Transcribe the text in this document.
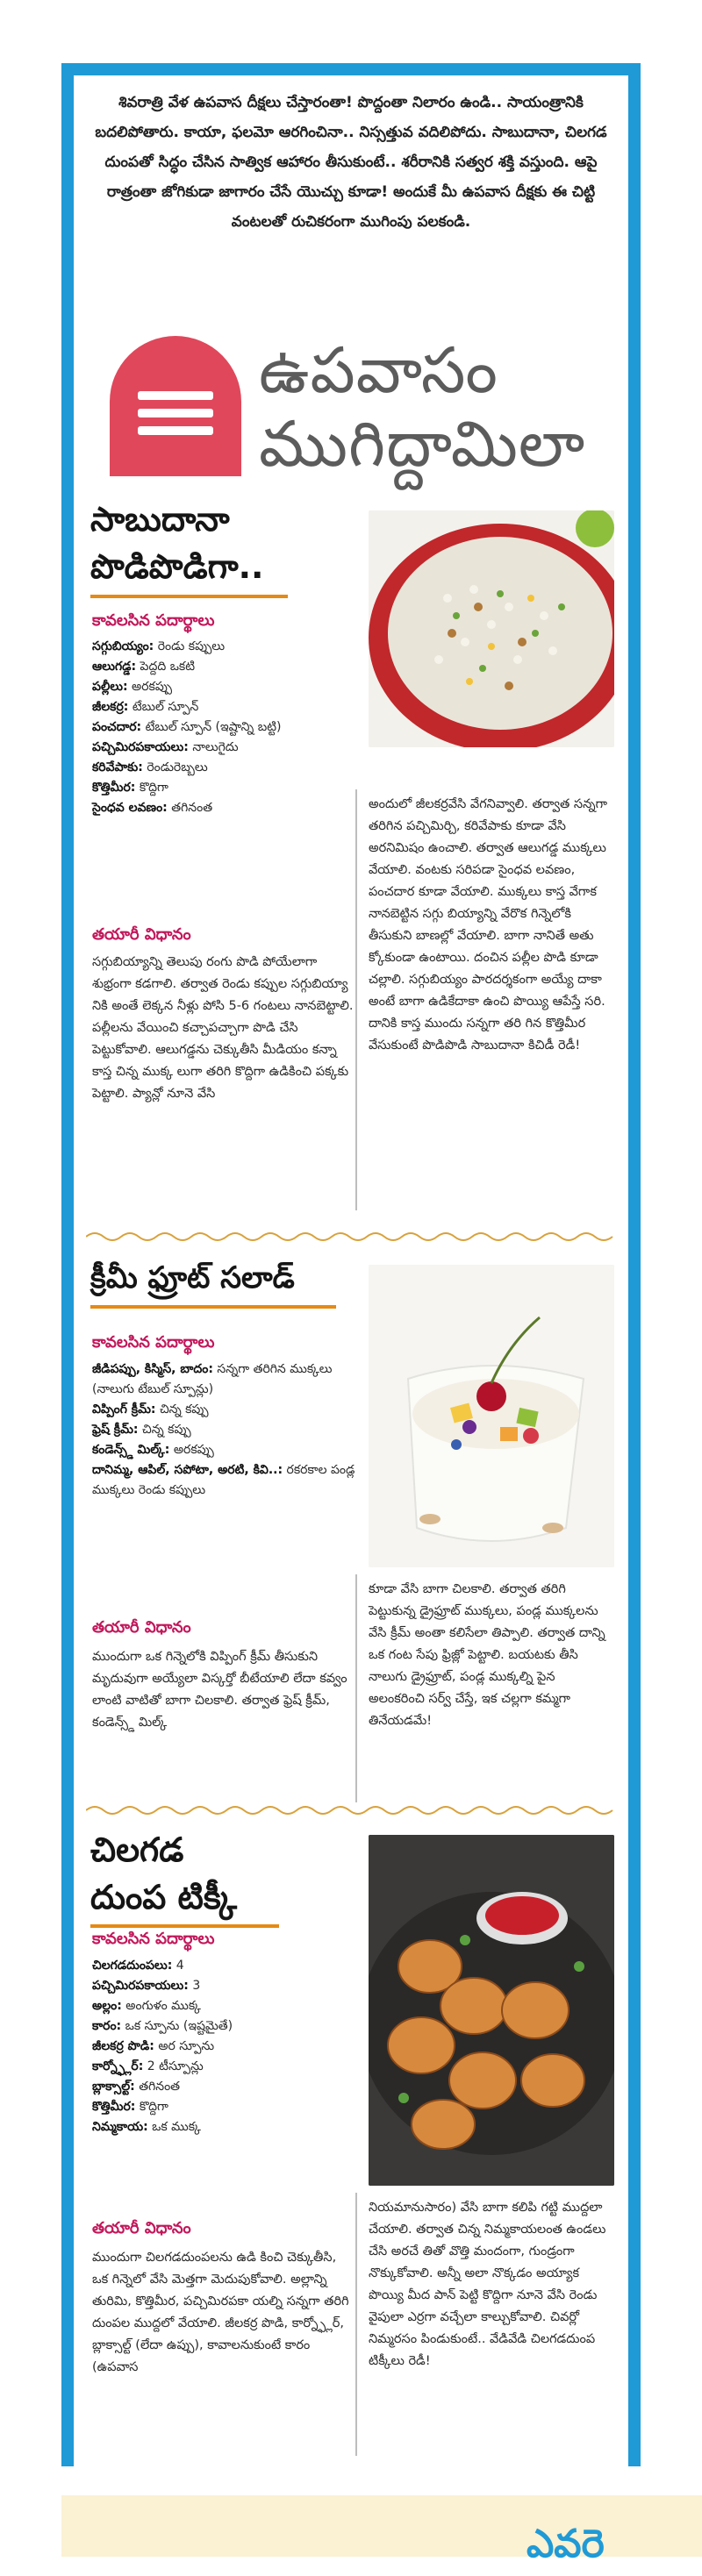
శివరాత్రి వేళ ఉపవాస దీక్షలు చేస్తారంతా! పొద్దంతా నిలారం ఉండి.. సాయంత్రానికి బదలిపోతారు. కాయా, ఫలమో ఆరగించినా.. నిస్సత్తువ వదిలిపోదు. సాబుదానా, చిలగడ దుంపతో సిద్ధం చేసిన సాత్విక ఆహారం తీసుకుంటే.. శరీరానికి సత్వర శక్తి వస్తుంది. ఆపై రాత్రంతా జోగికుడా జాగారం చేసే యొచ్చు కూడా! అందుకే మీ ఉపవాస దీక్షకు ఈ చిట్టి వంటలతో రుచికరంగా ముగింపు పలకండి.
ఉపవాసం
ముగిద్దామిలా
సాబుదానా
పొడిపొడిగా..
కావలసిన పదార్థాలు
సగ్గుబియ్యం: రెండు కప్పులు
ఆలుగడ్డ: పెద్దది ఒకటి
పల్లీలు: అరకప్పు
జీలకర్ర: టేబుల్ స్పూన్
పంచదార: టేబుల్ స్పూన్ (ఇష్టాన్ని బట్టి)
పచ్చిమిరపకాయలు: నాలుగైదు
కరివేపాకు: రెండురెబ్బలు
కొత్తిమీర: కొద్దిగా
సైంధవ లవణం: తగినంత
తయారీ విధానం
సగ్గుబియ్యాన్ని తెలుపు రంగు పొడి పోయేలాగా శుభ్రంగా కడగాలి. తర్వాత రెండు కప్పుల సగ్గుబియ్యా నికి అంతే లెక్కన నీళ్లు పోసి 5-6 గంటలు నానబెట్టాలి. పల్లీలను వేయించి కచ్చాపచ్చాగా పొడి చేసి పెట్టుకోవాలి. ఆలుగడ్డను చెక్కుతీసి మీడియం కన్నా కాస్త చిన్న ముక్క లుగా తరిగి కొద్దిగా ఉడికించి పక్కకు పెట్టాలి. ప్యాన్లో నూనె వేసి
అందులో జీలకర్రవేసి వేగనివ్వాలి. తర్వాత సన్నగా తరిగిన పచ్చిమిర్చి, కరివేపాకు కూడా వేసి అరనిమిషం ఉంచాలి. తర్వాత ఆలుగడ్డ ముక్కలు వేయాలి. వంటకు సరిపడా సైంధవ లవణం, పంచదార కూడా వేయాలి. ముక్కలు కాస్త వేగాక నానబెట్టిన సగ్గు బియ్యాన్ని వేరొక గిన్నెలోకి తీసుకుని బాణల్లో వేయాలి. బాగా నానితే అతు క్కోకుండా ఉంటాయి. దంచిన పల్లీల పొడి కూడా చల్లాలి. సగ్గుబియ్యం పారదర్శకంగా అయ్యే దాకా అంటే బాగా ఉడికేదాకా ఉంచి పొయ్యి ఆపేస్తే సరి. దానికి కాస్త ముందు సన్నగా తరి గిన కొత్తిమీర వేసుకుంటే పొడిపొడి సాబుదానా కిచిడీ రెడీ!
క్రీమీ ఫ్రూట్ సలాడ్
కావలసిన పదార్థాలు
జీడిపప్పు, కిస్మిస్, బాదం: సన్నగా తరిగిన ముక్కలు (నాలుగు టేబుల్ స్పూన్లు)
విప్పింగ్ క్రీమ్: చిన్న కప్పు
ఫ్రెష్ క్రీమ్: చిన్న కప్పు
కండెన్స్డ్ మిల్క్: అరకప్పు
దానిమ్మ, ఆపిల్, సపోటా, అరటి, కివి..: రకరకాల పండ్ల ముక్కలు రెండు కప్పులు
తయారీ విధానం
ముందుగా ఒక గిన్నెలోకి విప్పింగ్ క్రీమ్ తీసుకుని మృదువుగా అయ్యేలా విస్కర్తో బీటేయాలి లేదా కవ్వం లాంటి వాటితో బాగా చిలకాలి. తర్వాత ఫ్రెష్ క్రీమ్, కండెన్స్డ్ మిల్క్
కూడా వేసి బాగా చిలకాలి. తర్వాత తరిగి పెట్టుకున్న డ్రైఫ్రూట్ ముక్కలు, పండ్ల ముక్కలను వేసి క్రీమ్ అంతా కలిసేలా తిప్పాలి. తర్వాత దాన్ని ఒక గంట సేపు ఫ్రిజ్లో పెట్టాలి. బయటకు తీసి నాలుగు డ్రైఫ్రూట్, పండ్ల ముక్కల్ని పైన అలంకరించి సర్వ్ చేస్తే, ఇక చల్లగా కమ్మగా తినేయడమే!
చిలగడ
దుంప టిక్కీ
కావలసిన పదార్థాలు
చిలగడదుంపలు: 4
పచ్చిమిరపకాయలు: 3
అల్లం: అంగుళం ముక్క
కారం: ఒక స్పూను (ఇష్టమైతే)
జీలకర్ర పొడి: అర స్పూను
కార్న్ఫ్లోర్: 2 టీస్పూన్లు
బ్లాక్సాల్ట్: తగినంత
కొత్తిమీర: కొద్దిగా
నిమ్మకాయ: ఒక ముక్క
తయారీ విధానం
ముందుగా చిలగడదుంపలను ఉడి కించి చెక్కుతీసి, ఒక గిన్నెలో వేసి మెత్తగా మెదుపుకోవాలి. అల్లాన్ని తురిమి, కొత్తిమీర, పచ్చిమిరపకా యల్ని సన్నగా తరిగి దుంపల ముద్దలో వేయాలి. జీలకర్ర పొడి, కార్న్ఫ్లోర్, బ్లాక్సాల్ట్ (లేదా ఉప్పు), కావాలనుకుంటే కారం (ఉపవాస
నియమానుసారం) వేసి బాగా కలిపి గట్టి ముద్దలా చేయాలి. తర్వాత చిన్న నిమ్మకాయలంత ఉండలు చేసి అరచే తితో వొత్తి మందంగా, గుండ్రంగా నొక్కుకోవాలి. అన్నీ అలా నొక్కడం అయ్యాక పొయ్యి మీద పాన్ పెట్టి కొద్దిగా నూనె వేసి రెండు వైపులా ఎర్రగా వచ్చేలా కాల్చుకోవాలి. చివర్లో నిమ్మరసం పిండుకుంటే.. వేడివేడి చిలగడదుంప టిక్కీలు రెడీ!
ఎవరె
